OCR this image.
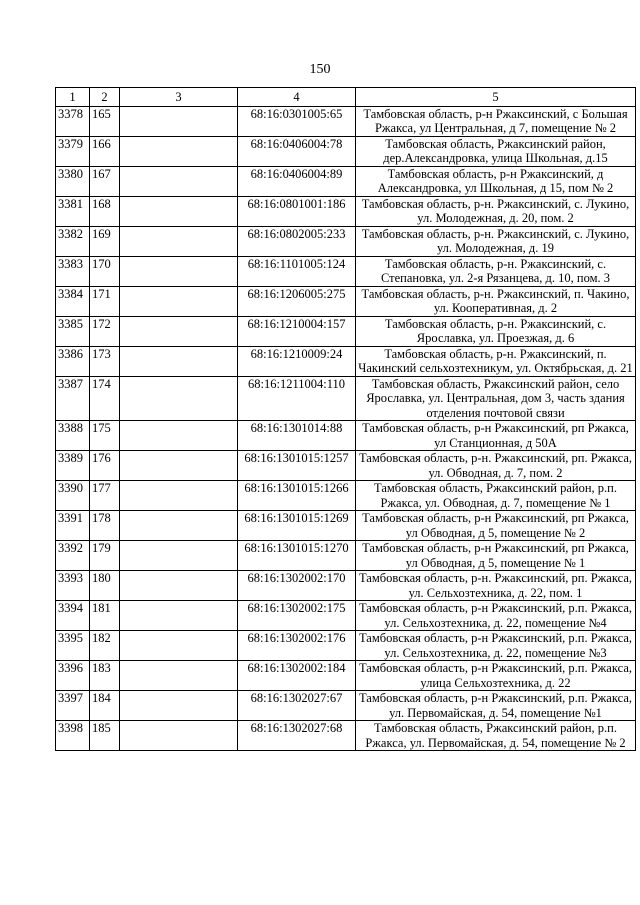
150
1	2	3	4	5
3378	165		68:16:0301005:65	Тамбовская область, р-н Ржаксинский, с Большая Ржакса, ул Центральная, д 7, помещение № 2
3379	166		68:16:0406004:78	Тамбовская область, Ржаксинский район, дер.Александровка, улица Школьная, д.15
3380	167		68:16:0406004:89	Тамбовская область, р-н Ржаксинский, д Александровка, ул Школьная, д 15, пом № 2
3381	168		68:16:0801001:186	Тамбовская область, р-н. Ржаксинский, с. Лукино, ул. Молодежная, д. 20, пом. 2
3382	169		68:16:0802005:233	Тамбовская область, р-н. Ржаксинский, с. Лукино, ул. Молодежная, д. 19
3383	170		68:16:1101005:124	Тамбовская область, р-н. Ржаксинский, с. Степановка, ул. 2-я Рязанцева, д. 10, пом. 3
3384	171		68:16:1206005:275	Тамбовская область, р-н. Ржаксинский, п. Чакино, ул. Кооперативная, д. 2
3385	172		68:16:1210004:157	Тамбовская область, р-н. Ржаксинский, с. Ярославка, ул. Проезжая, д. 6
3386	173		68:16:1210009:24	Тамбовская область, р-н. Ржаксинский, п. Чакинский сельхозтехникум, ул. Октябрьская, д. 21
3387	174		68:16:1211004:110	Тамбовская область, Ржаксинский район, село Ярославка, ул. Центральная, дом 3, часть здания отделения почтовой связи
3388	175		68:16:1301014:88	Тамбовская область, р-н Ржаксинский, рп Ржакса, ул Станционная, д 50А
3389	176		68:16:1301015:1257	Тамбовская область, р-н. Ржаксинский, рп. Ржакса, ул. Обводная, д. 7, пом. 2
3390	177		68:16:1301015:1266	Тамбовская область, Ржаксинский район, р.п. Ржакса, ул. Обводная, д. 7, помещение № 1
3391	178		68:16:1301015:1269	Тамбовская область, р-н Ржаксинский, рп Ржакса, ул Обводная, д 5, помещение № 2
3392	179		68:16:1301015:1270	Тамбовская область, р-н Ржаксинский, рп Ржакса, ул Обводная, д 5, помещение № 1
3393	180		68:16:1302002:170	Тамбовская область, р-н. Ржаксинский, рп. Ржакса, ул. Сельхозтехника, д. 22, пом. 1
3394	181		68:16:1302002:175	Тамбовская область, р-н Ржаксинский, р.п. Ржакса, ул. Сельхозтехника, д. 22, помещение №4
3395	182		68:16:1302002:176	Тамбовская область, р-н Ржаксинский, р.п. Ржакса, ул. Сельхозтехника, д. 22, помещение №3
3396	183		68:16:1302002:184	Тамбовская область, р-н Ржаксинский, р.п. Ржакса, улица Сельхозтехника, д. 22
3397	184		68:16:1302027:67	Тамбовская область, р-н Ржаксинский, р.п. Ржакса, ул. Первомайская, д. 54, помещение №1
3398	185		68:16:1302027:68	Тамбовская область, Ржаксинский район, р.п. Ржакса, ул. Первомайская, д. 54, помещение № 2
